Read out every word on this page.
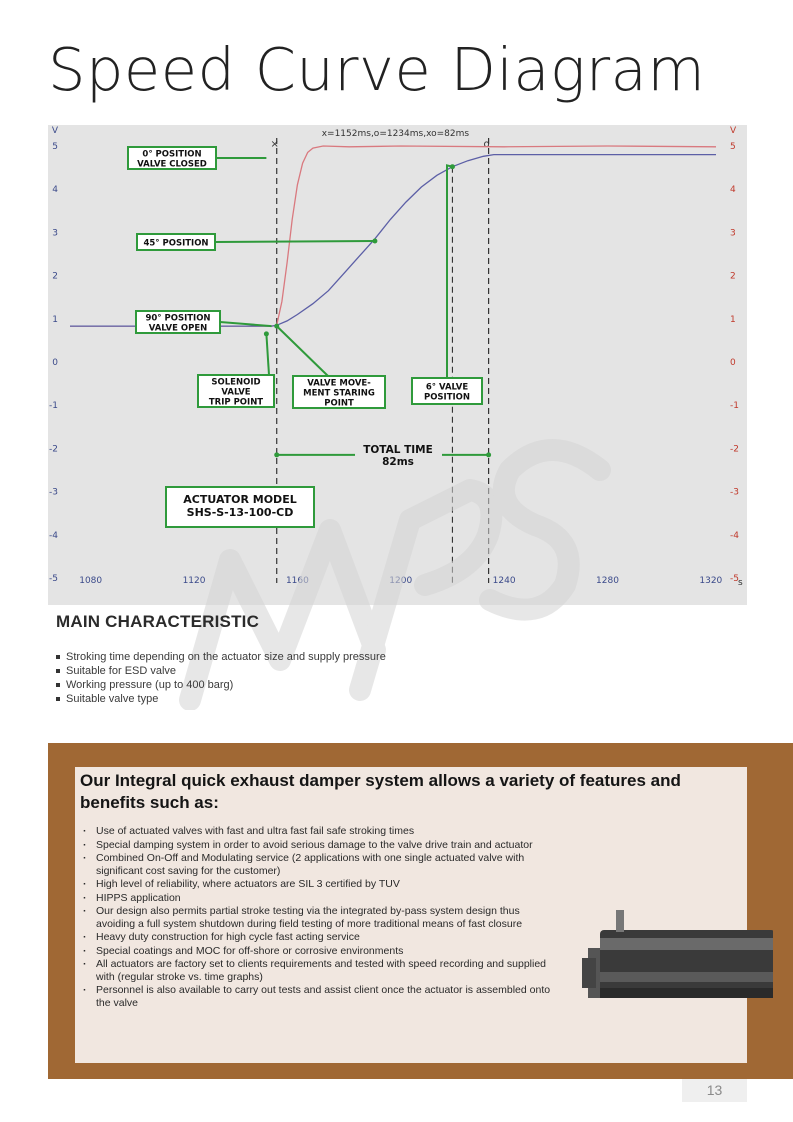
Speed Curve Diagram
5	5
4	4
3	3
2	2
1	1
0	0
-1	-1
-2	-2
-3	-3
-4	-4
-5	-5
V	V
1080	1120	1160	1200	1240	1280	1320 s
x=1152ms,o=1234ms,xo=82ms
×	o
0° POSITION
VALVE CLOSED
45° POSITION
90° POSITION
VALVE OPEN
SOLENOID
VALVE
TRIP POINT
VALVE MOVE-
MENT STARING
POINT
6° VALVE
POSITION
TOTAL TIME
82ms
ACTUATOR MODEL
SHS-S-13-100-CD
MAIN CHARACTERISTIC
Stroking time depending on the actuator size and supply pressure
Suitable for ESD valve
Working pressure (up to 400 barg)
Suitable valve type
Our Integral quick exhaust damper system allows a variety of features and benefits such as:
· Use of actuated valves with fast and ultra fast fail safe stroking times
· Special damping system in order to avoid serious damage to the valve drive train and actuator
· Combined On-Off and Modulating service (2 applications with one single actuated valve with significant cost saving for the customer)
· High level of reliability, where actuators are SIL 3 certified by TUV
· HIPPS application
· Our design also permits partial stroke testing via the integrated by-pass system design thus avoiding a full system shutdown during field testing of more traditional means of fast closure
· Heavy duty construction for high cycle fast acting service
· Special coatings and MOC for off-shore or corrosive environments
· All actuators are factory set to clients requirements and tested with speed recording and supplied with (regular stroke vs. time graphs)
· Personnel is also available to carry out tests and assist client once the actuator is assembled onto the valve
13
